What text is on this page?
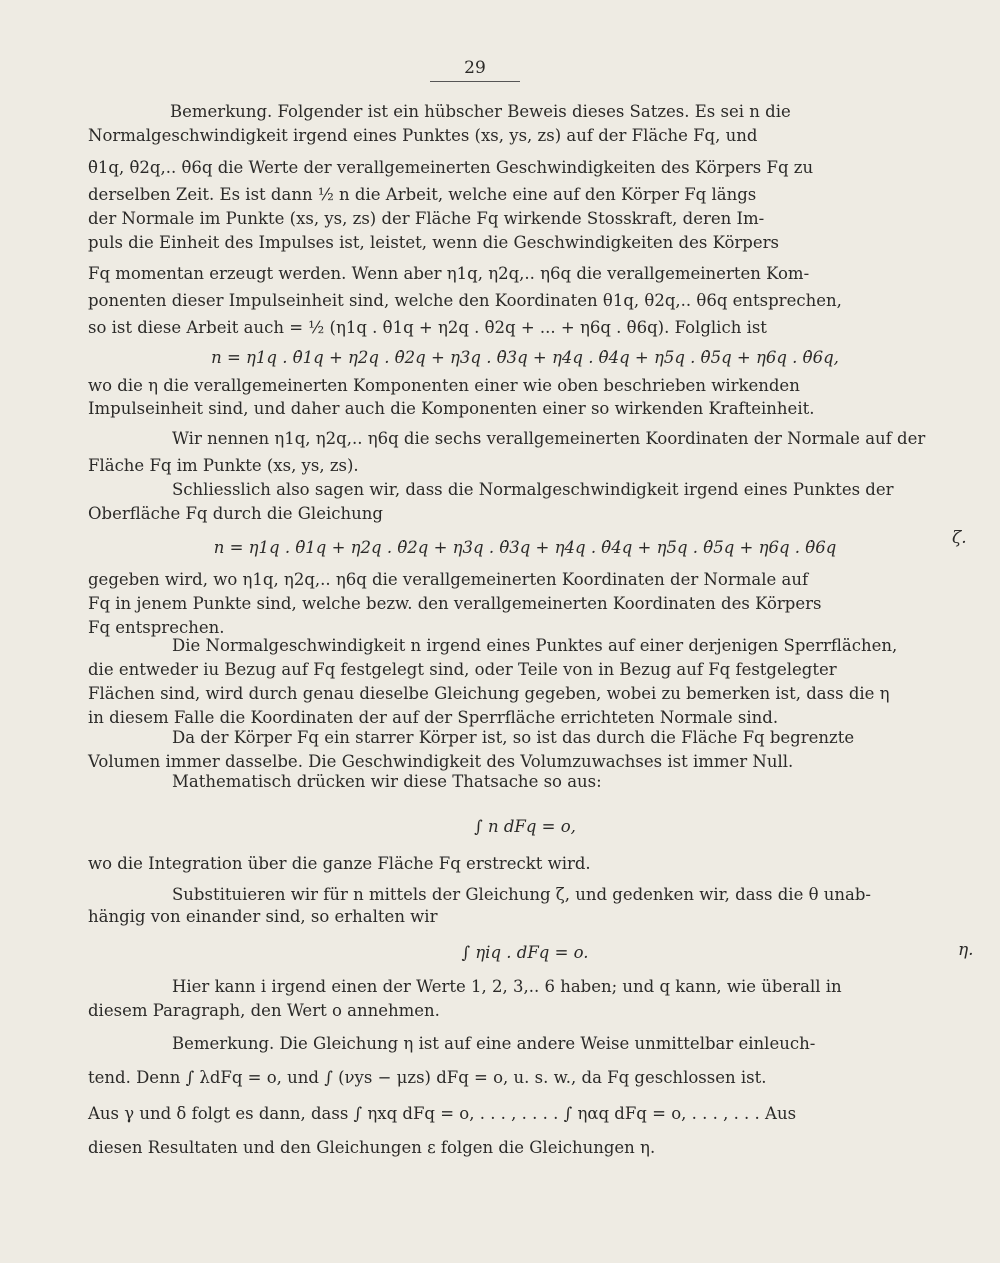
29
Bemerkung. Folgender ist ein hübscher Beweis dieses Satzes. Es sei n die
Normalgeschwindigkeit irgend eines Punktes (xs, ys, zs) auf der Fläche Fq, und
θ̇1q, θ̇2q,.. θ̇6q die Werte der verallgemeinerten Geschwindigkeiten des Körpers Fq zu
derselben Zeit. Es ist dann ½ n die Arbeit, welche eine auf den Körper Fq längs
der Normale im Punkte (xs, ys, zs) der Fläche Fq wirkende Stosskraft, deren Im-
puls die Einheit des Impulses ist, leistet, wenn die Geschwindigkeiten des Körpers
Fq momentan erzeugt werden. Wenn aber η1q, η2q,.. η6q die verallgemeinerten Kom-
ponenten dieser Impulseinheit sind, welche den Koordinaten θ1q, θ2q,.. θ6q entsprechen,
so ist diese Arbeit auch = ½ (η1q . θ̇1q + η2q . θ̇2q + ... + η6q . θ̇6q). Folglich ist
n = η1q . θ̇1q + η2q . θ̇2q + η3q . θ̇3q + η4q . θ̇4q + η5q . θ̇5q + η6q . θ̇6q,
wo die η die verallgemeinerten Komponenten einer wie oben beschrieben wirkenden
Impulseinheit sind, und daher auch die Komponenten einer so wirkenden Krafteinheit.
Wir nennen η1q, η2q,.. η6q die sechs verallgemeinerten Koordinaten der Normale auf der
Fläche Fq im Punkte (xs, ys, zs).
Schliesslich also sagen wir, dass die Normalgeschwindigkeit irgend eines Punktes der
Oberfläche Fq durch die Gleichung
n = η1q . θ̇1q + η2q . θ̇2q + η3q . θ̇3q + η4q . θ̇4q + η5q . θ̇5q + η6q . θ̇6q
gegeben wird, wo η1q, η2q,.. η6q die verallgemeinerten Koordinaten der Normale auf
Fq in jenem Punkte sind, welche bezw. den verallgemeinerten Koordinaten des Körpers
Fq entsprechen.
Die Normalgeschwindigkeit n irgend eines Punktes auf einer derjenigen Sperrflächen,
die entweder iu Bezug auf Fq festgelegt sind, oder Teile von in Bezug auf Fq festgelegter
Flächen sind, wird durch genau dieselbe Gleichung gegeben, wobei zu bemerken ist, dass die η
in diesem Falle die Koordinaten der auf der Sperrfläche errichteten Normale sind.
Da der Körper Fq ein starrer Körper ist, so ist das durch die Fläche Fq begrenzte
Volumen immer dasselbe. Die Geschwindigkeit des Volumzuwachses ist immer Null.
Mathematisch drücken wir diese Thatsache so aus:
∫ n dFq = o,
wo die Integration über die ganze Fläche Fq erstreckt wird.
Substituieren wir für n mittels der Gleichung ζ, und gedenken wir, dass die θ unab-
hängig von einander sind, so erhalten wir
∫ ηiq . dFq = o.
Hier kann i irgend einen der Werte 1, 2, 3,.. 6 haben; und q kann, wie überall in
diesem Paragraph, den Wert o annehmen.
Bemerkung. Die Gleichung η ist auf eine andere Weise unmittelbar einleuch-
tend. Denn ∫ λdFq = o, und ∫ (νys − μzs) dFq = o, u. s. w., da Fq geschlossen ist.
Aus γ und δ folgt es dann, dass ∫ ηxq dFq = o, . . . , . . . . ∫ ηαq dFq = o, . . . , . . . Aus
diesen Resultaten und den Gleichungen ε folgen die Gleichungen η.
ζ.
η.
